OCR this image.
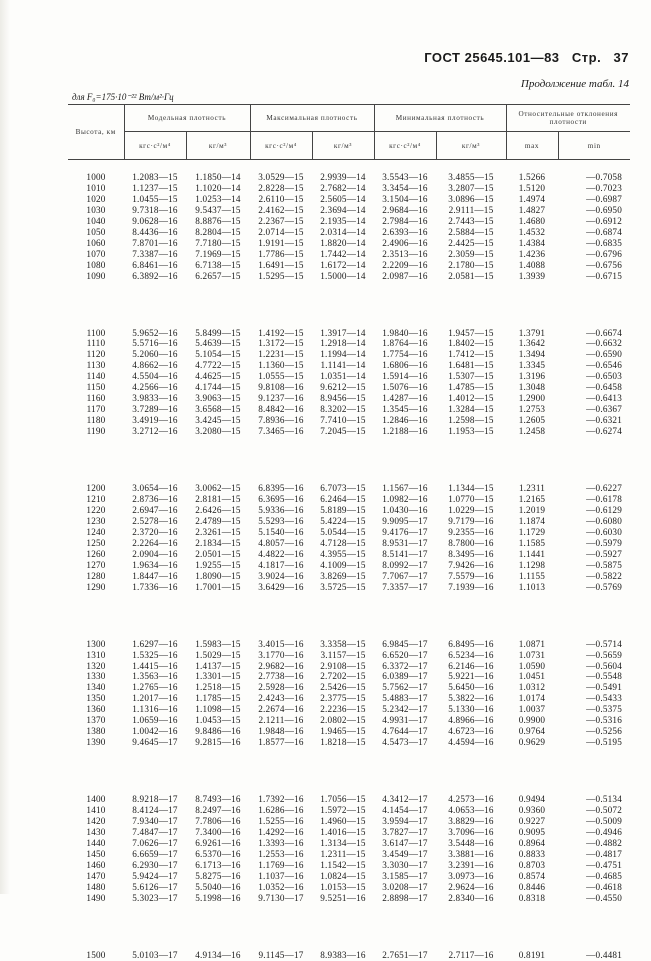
ГОСТ 25645.101—83 Стр. 37
Продолжение табл. 14
для F₀=175·10⁻²² Вт/м²·Гц
Высота, км	Модельная плотность		Максимальная плотность		Минимальная плотность		Относительные отклонения плотности	
	кгс·с²/м⁴	кг/м³	кгс·с²/м⁴	кг/м³	кгс·с²/м⁴	кг/м³	max	min

1000	1.2083—15	1.1850—14	3.0529—15	2.9939—14	3.5543—16	3.4855—15	1.5266	—0.7058
1010	1.1237—15	1.1020—14	2.8228—15	2.7682—14	3.3454—16	3.2807—15	1.5120	—0.7023
1020	1.0455—15	1.0253—14	2.6110—15	2.5605—14	3.1504—16	3.0896—15	1.4974	—0.6987
1030	9.7318—16	9.5437—15	2.4162—15	2.3694—14	2.9684—16	2.9111—15	1.4827	—0.6950
1040	9.0628—16	8.8876—15	2.2367—15	2.1935—14	2.7984—16	2.7443—15	1.4680	—0.6912
1050	8.4436—16	8.2804—15	2.0714—15	2.0314—14	2.6393—16	2.5884—15	1.4532	—0.6874
1060	7.8701—16	7.7180—15	1.9191—15	1.8820—14	2.4906—16	2.4425—15	1.4384	—0.6835
1070	7.3387—16	7.1969—15	1.7786—15	1.7442—14	2.3513—16	2.3059—15	1.4236	—0.6796
1080	6.8461—16	6.7138—15	1.6491—15	1.6172—14	2.2209—16	2.1780—15	1.4088	—0.6756
1090	6.3892—16	6.2657—15	1.5295—15	1.5000—14	2.0987—16	2.0581—15	1.3939	—0.6715

1100	5.9652—16	5.8499—15	1.4192—15	1.3917—14	1.9840—16	1.9457—15	1.3791	—0.6674
1110	5.5716—16	5.4639—15	1.3172—15	1.2918—14	1.8764—16	1.8402—15	1.3642	—0.6632
1120	5.2060—16	5.1054—15	1.2231—15	1.1994—14	1.7754—16	1.7412—15	1.3494	—0.6590
1130	4.8662—16	4.7722—15	1.1360—15	1.1141—14	1.6806—16	1.6481—15	1.3345	—0.6546
1140	4.5504—16	4.4625—15	1.0555—15	1.0351—14	1.5914—16	1.5307—15	1.3196	—0.6503
1150	4.2566—16	4.1744—15	9.8108—16	9.6212—15	1.5076—16	1.4785—15	1.3048	—0.6458
1160	3.9833—16	3.9063—15	9.1237—16	8.9456—15	1.4287—16	1.4012—15	1.2900	—0.6413
1170	3.7289—16	3.6568—15	8.4842—16	8.3202—15	1.3545—16	1.3284—15	1.2753	—0.6367
1180	3.4919—16	3.4245—15	7.8936—16	7.7410—15	1.2846—16	1.2598—15	1.2605	—0.6321
1190	3.2712—16	3.2080—15	7.3465—16	7.2045—15	1.2188—16	1.1953—15	1.2458	—0.6274

1200	3.0654—16	3.0062—15	6.8395—16	6.7073—15	1.1567—16	1.1344—15	1.2311	—0.6227
1210	2.8736—16	2.8181—15	6.3695—16	6.2464—15	1.0982—16	1.0770—15	1.2165	—0.6178
1220	2.6947—16	2.6426—15	5.9336—16	5.8189—15	1.0430—16	1.0229—15	1.2019	—0.6129
1230	2.5278—16	2.4789—15	5.5293—16	5.4224—15	9.9095—17	9.7179—16	1.1874	—0.6080
1240	2.3720—16	2.3261—15	5.1540—16	5.0544—15	9.4176—17	9.2355—16	1.1729	—0.6030
1250	2.2264—16	2.1834—15	4.8057—16	4.7128—15	8.9531—17	8.7800—16	1.1585	—0.5979
1260	2.0904—16	2.0501—15	4.4822—16	4.3955—15	8.5141—17	8.3495—16	1.1441	—0.5927
1270	1.9634—16	1.9255—15	4.1817—16	4.1009—15	8.0992—17	7.9426—16	1.1298	—0.5875
1280	1.8447—16	1.8090—15	3.9024—16	3.8269—15	7.7067—17	7.5579—16	1.1155	—0.5822
1290	1.7336—16	1.7001—15	3.6429—16	3.5725—15	7.3357—17	7.1939—16	1.1013	—0.5769

1300	1.6297—16	1.5983—15	3.4015—16	3.3358—15	6.9845—17	6.8495—16	1.0871	—0.5714
1310	1.5325—16	1.5029—15	3.1770—16	3.1157—15	6.6520—17	6.5234—16	1.0731	—0.5659
1320	1.4415—16	1.4137—15	2.9682—16	2.9108—15	6.3372—17	6.2146—16	1.0590	—0.5604
1330	1.3563—16	1.3301—15	2.7738—16	2.7202—15	6.0389—17	5.9221—16	1.0451	—0.5548
1340	1.2765—16	1.2518—15	2.5928—16	2.5426—15	5.7562—17	5.6450—16	1.0312	—0.5491
1350	1.2017—16	1.1785—15	2.4243—16	2.3775—15	5.4883—17	5.3822—16	1.0174	—0.5433
1360	1.1316—16	1.1098—15	2.2674—16	2.2236—15	5.2342—17	5.1330—16	1.0037	—0.5375
1370	1.0659—16	1.0453—15	2.1211—16	2.0802—15	4.9931—17	4.8966—16	0.9900	—0.5316
1380	1.0042—16	9.8486—16	1.9848—16	1.9465—15	4.7644—17	4.6723—16	0.9764	—0.5256
1390	9.4645—17	9.2815—16	1.8577—16	1.8218—15	4.5473—17	4.4594—16	0.9629	—0.5195

1400	8.9218—17	8.7493—16	1.7392—16	1.7056—15	4.3412—17	4.2573—16	0.9494	—0.5134
1410	8.4124—17	8.2497—16	1.6286—16	1.5972—15	4.1454—17	4.0653—16	0.9360	—0.5072
1420	7.9340—17	7.7806—16	1.5255—16	1.4960—15	3.9594—17	3.8829—16	0.9227	—0.5009
1430	7.4847—17	7.3400—16	1.4292—16	1.4016—15	3.7827—17	3.7096—16	0.9095	—0.4946
1440	7.0626—17	6.9261—16	1.3393—16	1.3134—15	3.6147—17	3.5448—16	0.8964	—0.4882
1450	6.6659—17	6.5370—16	1.2553—16	1.2311—15	3.4549—17	3.3881—16	0.8833	—0.4817
1460	6.2930—17	6.1713—16	1.1769—16	1.1542—15	3.3030—17	3.2391—16	0.8703	—0.4751
1470	5.9424—17	5.8275—16	1.1037—16	1.0824—15	3.1585—17	3.0973—16	0.8574	—0.4685
1480	5.6126—17	5.5040—16	1.0352—16	1.0153—15	3.0208—17	2.9624—16	0.8446	—0.4618
1490	5.3023—17	5.1998—16	9.7130—17	9.5251—16	2.8898—17	2.8340—16	0.8318	—0.4550

1500	5.0103—17	4.9134—16	9.1145—17	8.9383—16	2.7651—17	2.7117—16	0.8191	—0.4481
